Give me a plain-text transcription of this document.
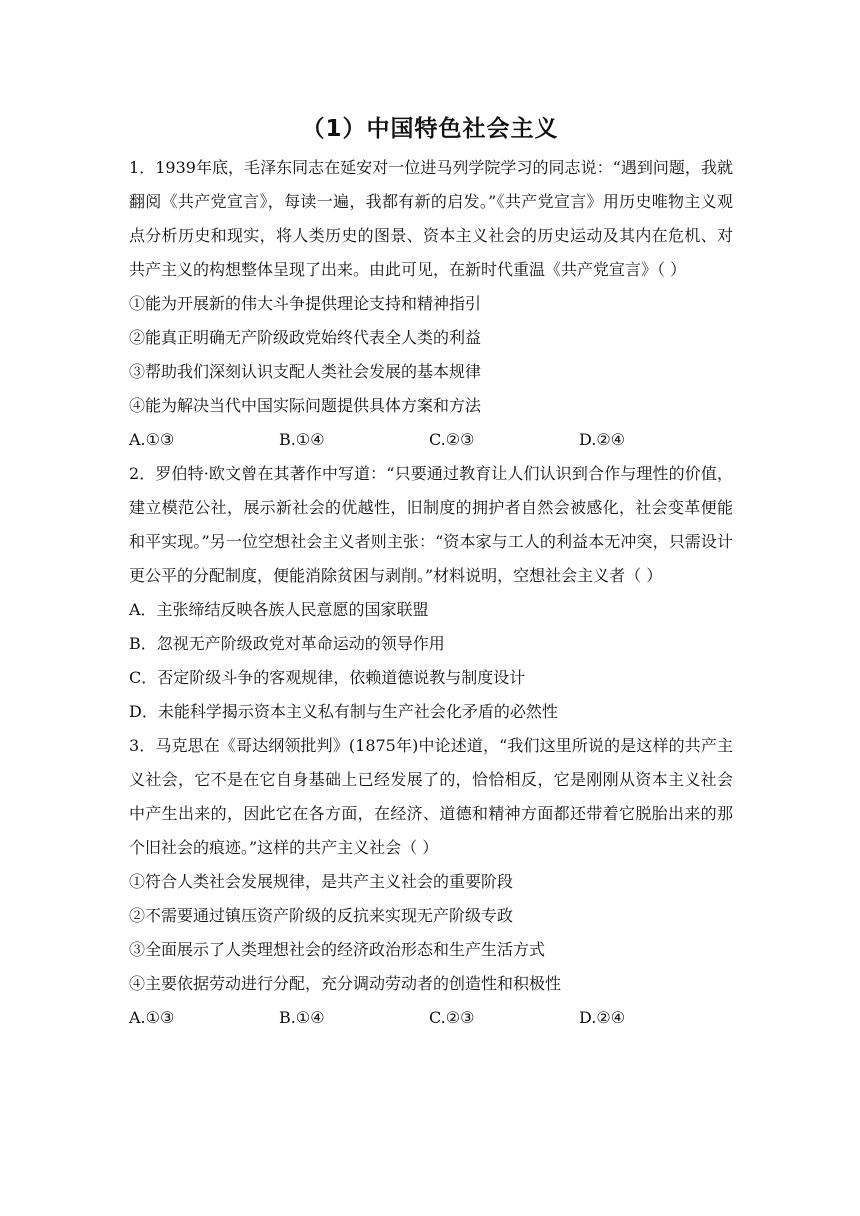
（1）中国特色社会主义

1．1939年底，毛泽东同志在延安对一位进马列学院学习的同志说：“遇到问题，我就翻阅《共产党宣言》，每读一遍，我都有新的启发。”《共产党宣言》用历史唯物主义观点分析历史和现实，将人类历史的图景、资本主义社会的历史运动及其内在危机、对共产主义的构想整体呈现了出来。由此可见，在新时代重温《共产党宣言》（ ）

①能为开展新的伟大斗争提供理论支持和精神指引

②能真正明确无产阶级政党始终代表全人类的利益

③帮助我们深刻认识支配人类社会发展的基本规律

④能为解决当代中国实际问题提供具体方案和方法

A.①③	B.①④	C.②③	D.②④

2．罗伯特·欧文曾在其著作中写道：“只要通过教育让人们认识到合作与理性的价值，建立模范公社，展示新社会的优越性，旧制度的拥护者自然会被感化，社会变革便能和平实现。”另一位空想社会主义者则主张：“资本家与工人的利益本无冲突，只需设计更公平的分配制度，便能消除贫困与剥削。”材料说明，空想社会主义者（ ）

A．主张缔结反映各族人民意愿的国家联盟

B．忽视无产阶级政党对革命运动的领导作用

C．否定阶级斗争的客观规律，依赖道德说教与制度设计

D．未能科学揭示资本主义私有制与生产社会化矛盾的必然性

3．马克思在《哥达纲领批判》(1875年)中论述道，“我们这里所说的是这样的共产主义社会，它不是在它自身基础上已经发展了的，恰恰相反，它是刚刚从资本主义社会中产生出来的，因此它在各方面，在经济、道德和精神方面都还带着它脱胎出来的那个旧社会的痕迹。”这样的共产主义社会（ ）

①符合人类社会发展规律，是共产主义社会的重要阶段

②不需要通过镇压资产阶级的反抗来实现无产阶级专政

③全面展示了人类理想社会的经济政治形态和生产生活方式

④主要依据劳动进行分配，充分调动劳动者的创造性和积极性

A.①③	B.①④	C.②③	D.②④
